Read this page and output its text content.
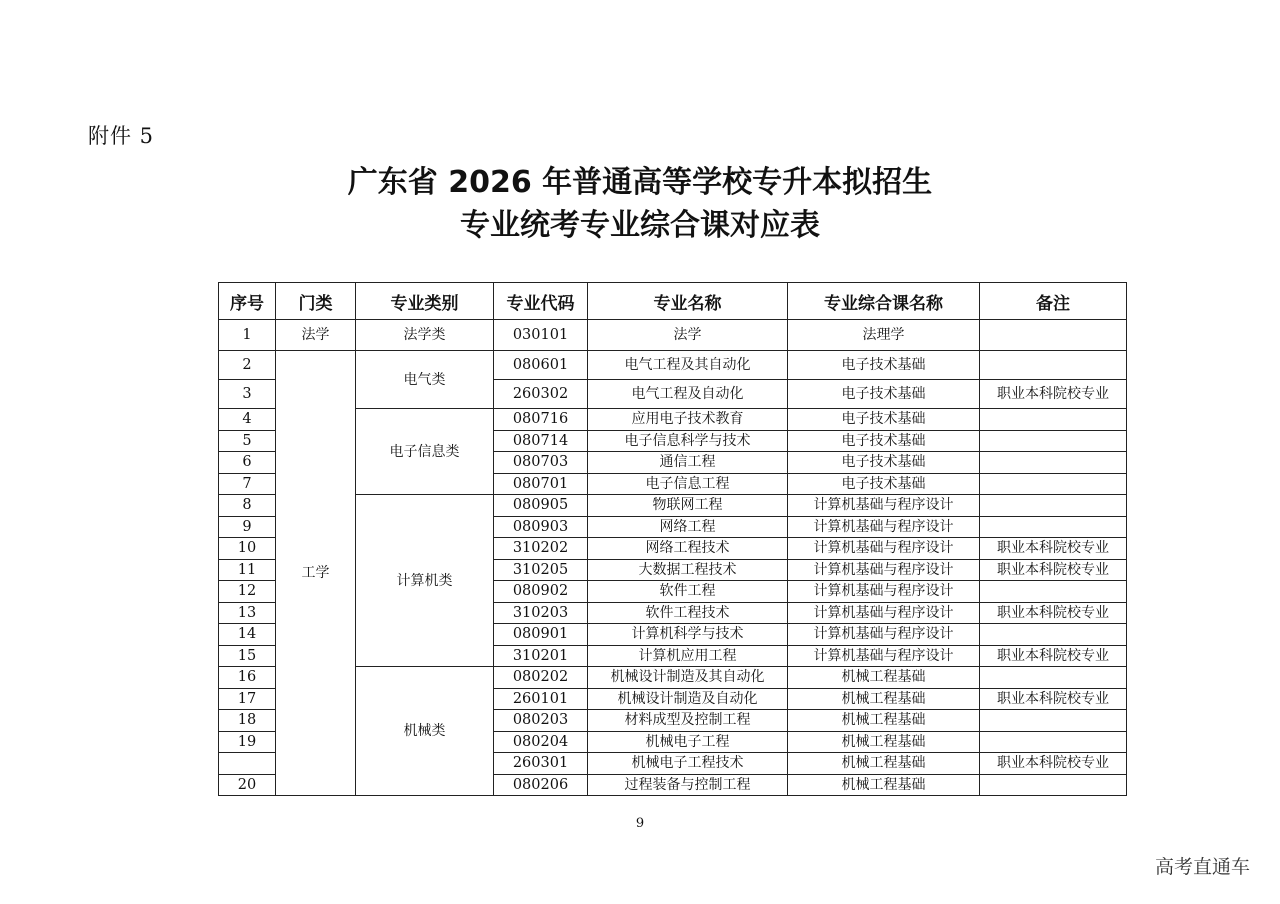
附件 5
广东省 2026 年普通高等学校专升本拟招生
专业统考专业综合课对应表
序号	门类	专业类别	专业代码	专业名称	专业综合课名称	备注
1	法学	法学类	030101	法学	法理学	
2	工学	电气类	080601	电气工程及其自动化	电子技术基础	
3			260302	电气工程及自动化	电子技术基础	职业本科院校专业
4		电子信息类	080716	应用电子技术教育	电子技术基础	
5			080714	电子信息科学与技术	电子技术基础	
6			080703	通信工程	电子技术基础	
7			080701	电子信息工程	电子技术基础	
8		计算机类	080905	物联网工程	计算机基础与程序设计	
9			080903	网络工程	计算机基础与程序设计	
10			310202	网络工程技术	计算机基础与程序设计	职业本科院校专业
11			310205	大数据工程技术	计算机基础与程序设计	职业本科院校专业
12			080902	软件工程	计算机基础与程序设计	
13			310203	软件工程技术	计算机基础与程序设计	职业本科院校专业
14			080901	计算机科学与技术	计算机基础与程序设计	
15			310201	计算机应用工程	计算机基础与程序设计	职业本科院校专业
16		机械类	080202	机械设计制造及其自动化	机械工程基础	
17			260101	机械设计制造及自动化	机械工程基础	职业本科院校专业
18			080203	材料成型及控制工程	机械工程基础	
19			080204	机械电子工程	机械工程基础	
			260301	机械电子工程技术	机械工程基础	职业本科院校专业
20			080206	过程装备与控制工程	机械工程基础	
9
高考直通车
